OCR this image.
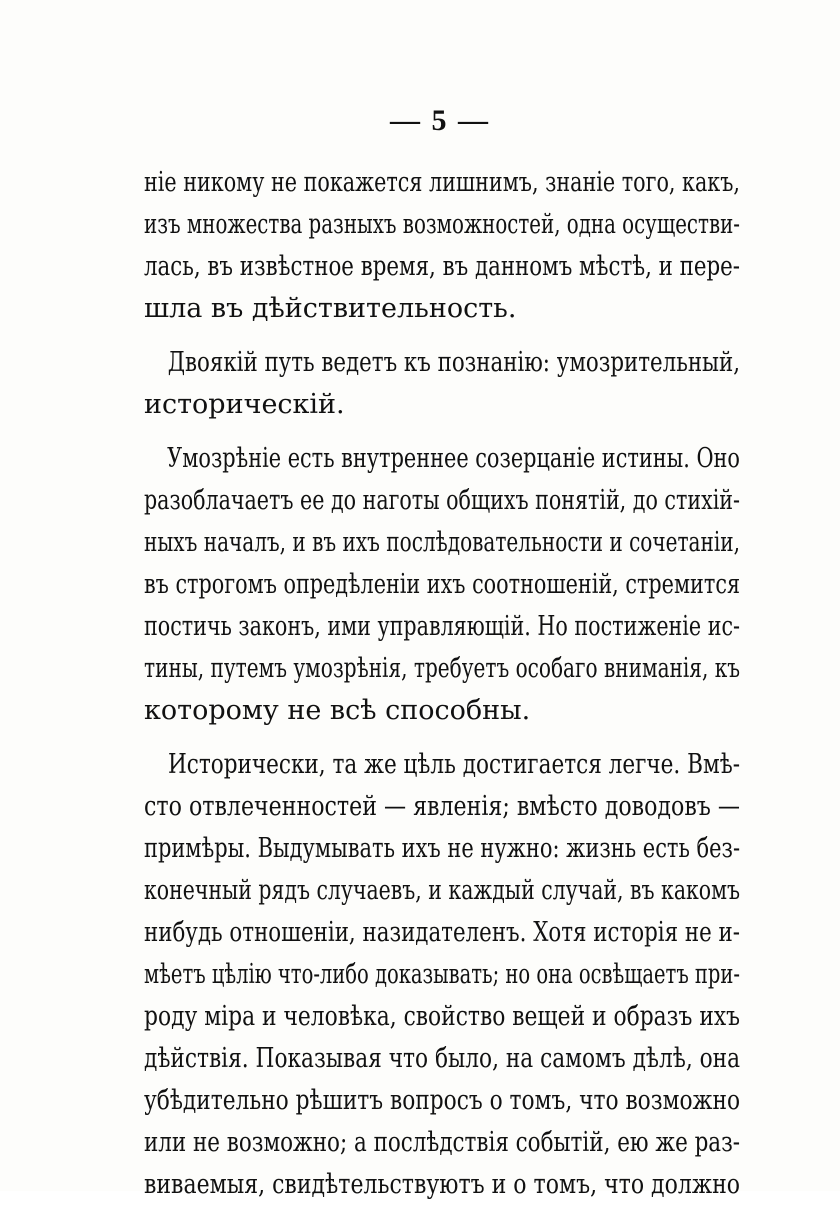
— 5 —
ніе никому не покажется лишнимъ, знаніе того, какъ,
изъ множества разныхъ возможностей, одна осуществи-
лась, въ извѣстное время, въ данномъ мѣстѣ, и пере-
шла въ дѣйствительность.
Двоякій путь ведетъ къ познанію: умозрительный,
историческій.
Умозрѣніе есть внутреннее созерцаніе истины. Оно
разоблачаетъ ее до наготы общихъ понятій, до стихій-
ныхъ началъ, и въ ихъ послѣдовательности и сочетаніи,
въ строгомъ опредѣленіи ихъ соотношеній, стремится
постичь законъ, ими управляющій. Но постиженіе ис-
тины, путемъ умозрѣнія, требуетъ особаго вниманія, къ
которому не всѣ способны.
Исторически, та же цѣль достигается легче. Вмѣ-
сто отвлеченностей — явленія; вмѣсто доводовъ —
примѣры. Выдумывать ихъ не нужно: жизнь есть без-
конечный рядъ случаевъ, и каждый случай, въ какомъ
нибудь отношеніи, назидателенъ. Хотя исторія не и-
мѣетъ цѣлію что-либо доказывать; но она освѣщаетъ при-
роду міра и человѣка, свойство вещей и образъ ихъ
дѣйствія. Показывая что было, на самомъ дѣлѣ, она
убѣдительно рѣшитъ вопросъ о томъ, что возможно
или не возможно; а послѣдствія событій, ею же раз-
виваемыя, свидѣтельствуютъ и о томъ, что должно
